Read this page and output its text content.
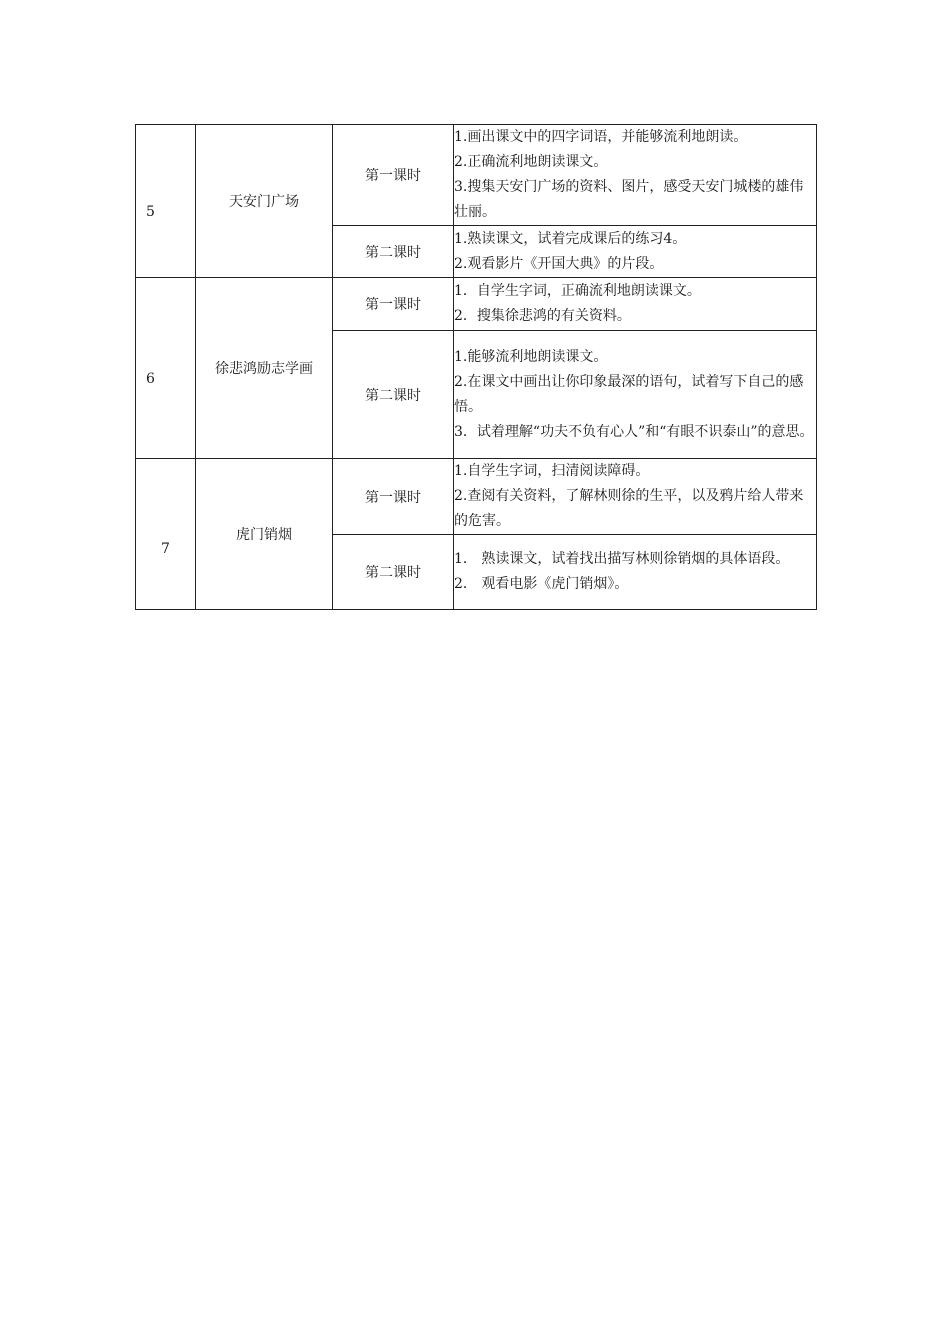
5	天安门广场	第一课时	1.画出课文中的四字词语，并能够流利地朗读。
2.正确流利地朗读课文。
3.搜集天安门广场的资料、图片，感受天安门城楼的雄伟壮丽。

		第二课时	1.熟读课文，试着完成课后的练习4。
2.观看影片《开国大典》的片段。

6	徐悲鸿励志学画	第一课时	1．自学生字词，正确流利地朗读课文。
2．搜集徐悲鸿的有关资料。

		第二课时	1.能够流利地朗读课文。
2.在课文中画出让你印象最深的语句，试着写下自己的感悟。
3．试着理解“功夫不负有心人”和“有眼不识泰山”的意思。

7	虎门销烟	第一课时	1.自学生字词，扫清阅读障碍。
2.查阅有关资料，了解林则徐的生平，以及鸦片给人带来的危害。

		第二课时	1． 熟读课文，试着找出描写林则徐销烟的具体语段。
2． 观看电影《虎门销烟》。
